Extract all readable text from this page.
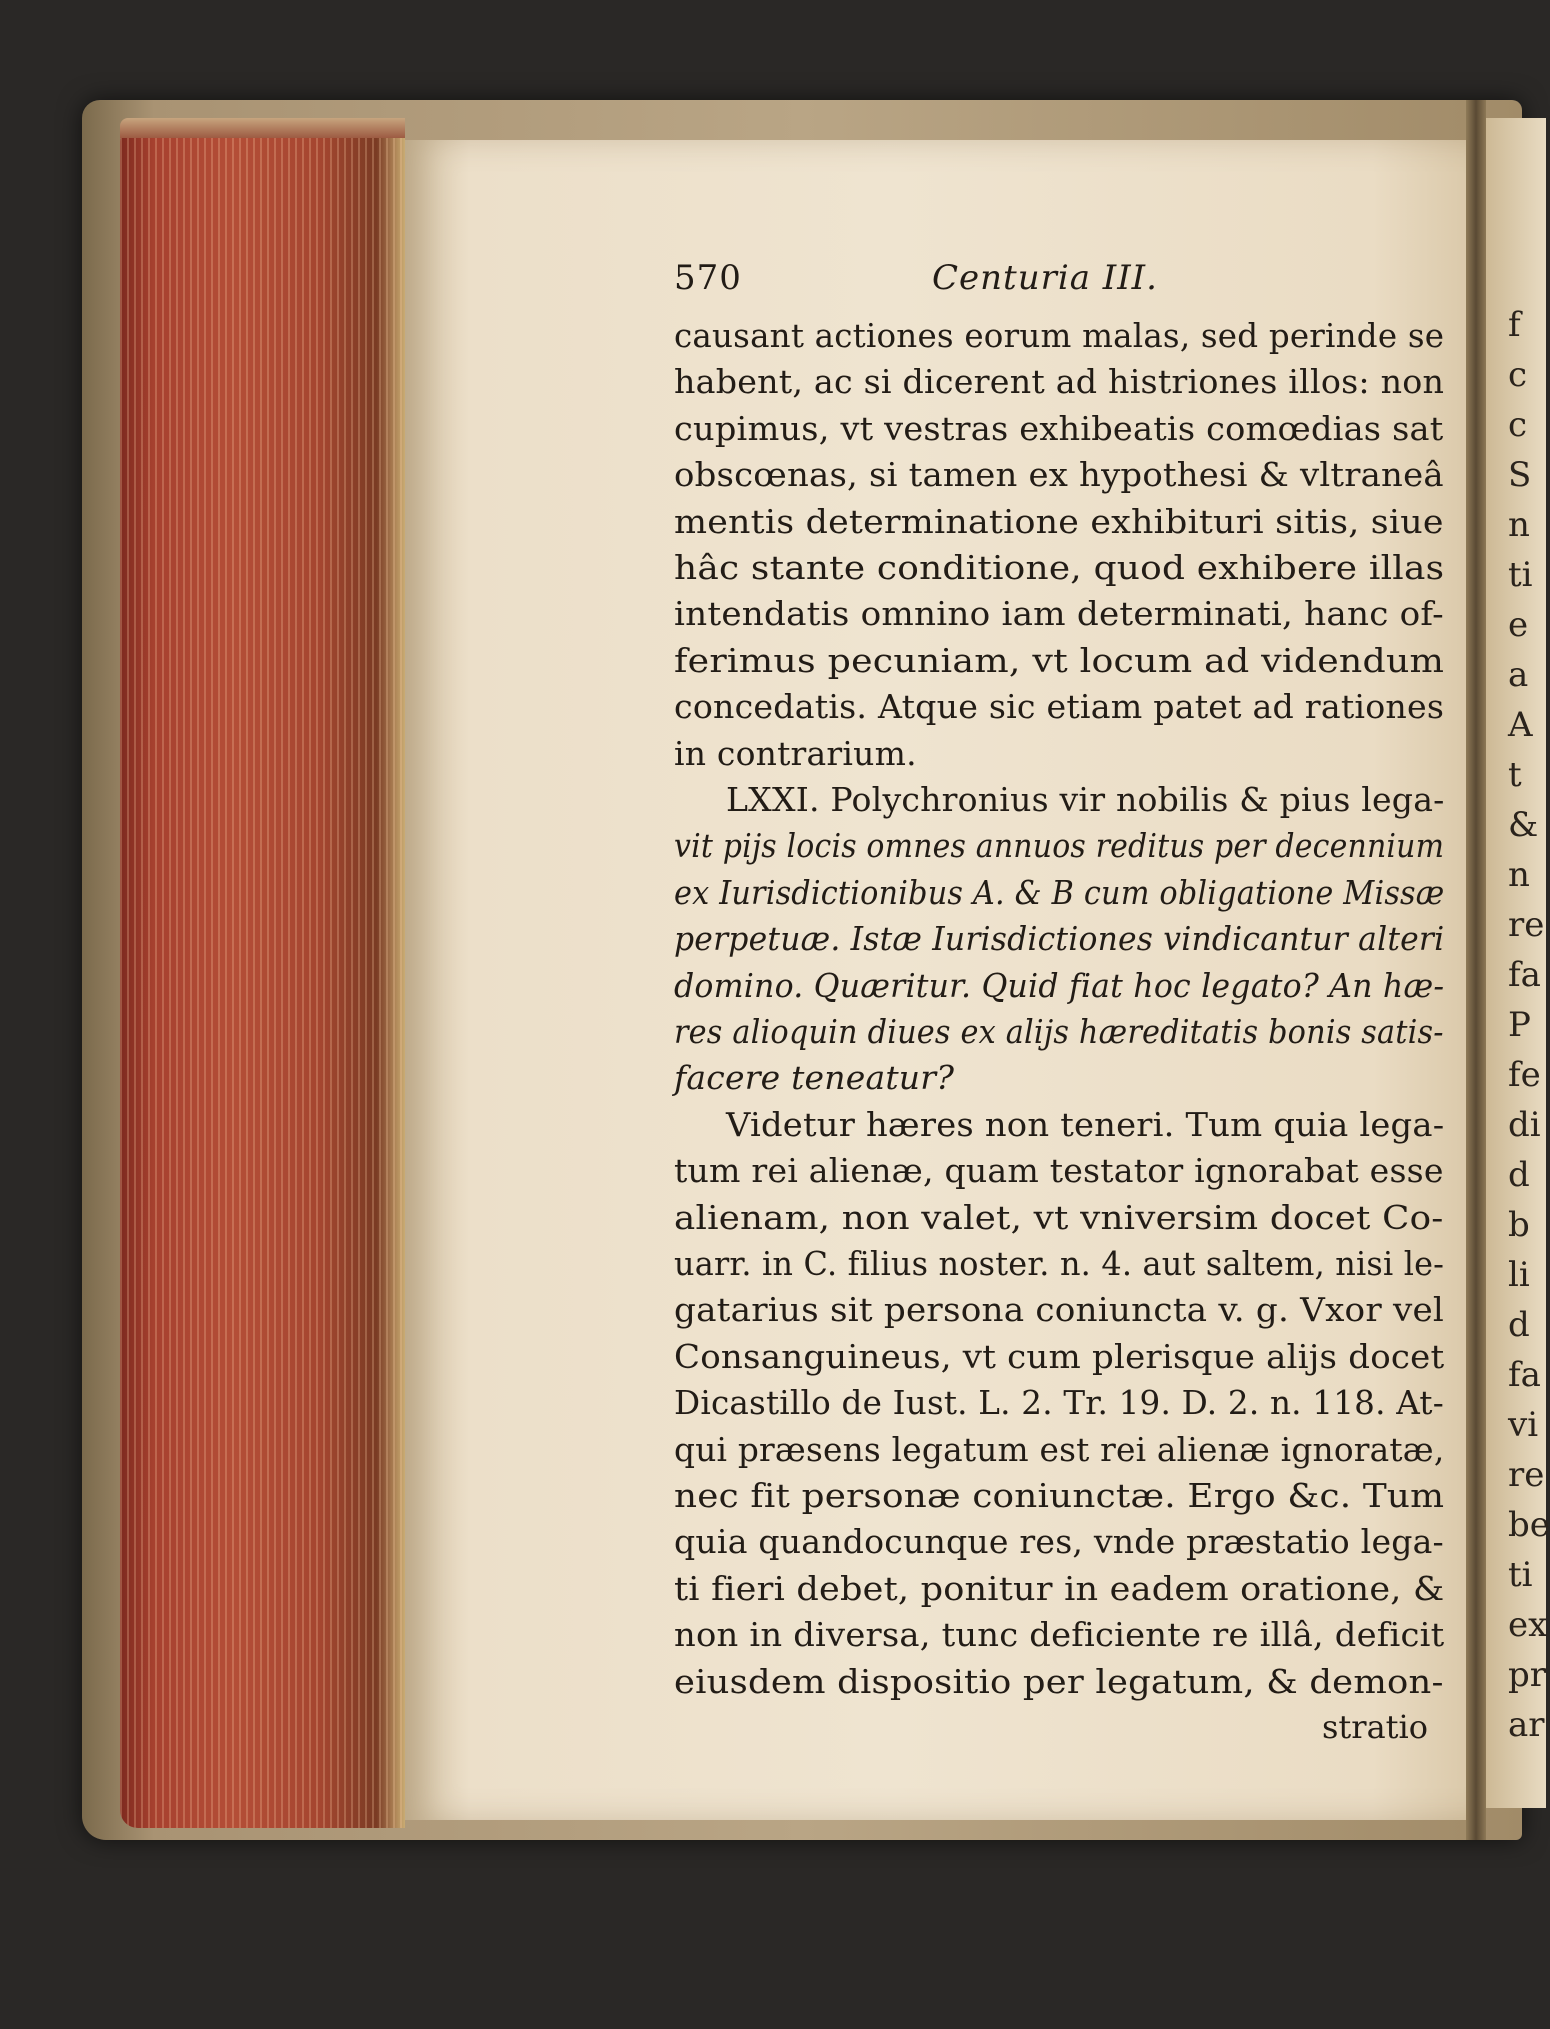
f
c
c
S
n
ti
e
a
A
t
&
n
re
fa
P
fe
di
d
b
li
d
fa
vi
re
be
ti
ex
pr
ar
570	Centuria III.
causant actiones eorum malas, sed perinde se
habent, ac si dicerent ad histriones illos: non
cupimus, vt vestras exhibeatis comœdias sat
obscœnas, si tamen ex hypothesi & vltraneâ
mentis determinatione exhibituri sitis, siue
hâc stante conditione, quod exhibere illas
intendatis omnino iam determinati, hanc of-
ferimus pecuniam, vt locum ad videndum
concedatis. Atque sic etiam patet ad rationes
in contrarium.
LXXI. Polychronius vir nobilis & pius lega-
vit pijs locis omnes annuos reditus per decennium
ex Iurisdictionibus A. & B cum obligatione Missæ
perpetuæ. Istæ Iurisdictiones vindicantur alteri
domino. Quæritur. Quid fiat hoc legato? An hæ-
res alioquin diues ex alijs hæreditatis bonis satis-
facere teneatur?
Videtur hæres non teneri. Tum quia lega-
tum rei alienæ, quam testator ignorabat esse
alienam, non valet, vt vniversim docet Co-
uarr. in C. filius noster. n. 4. aut saltem, nisi le-
gatarius sit persona coniuncta v. g. Vxor vel
Consanguineus, vt cum plerisque alijs docet
Dicastillo de Iust. L. 2. Tr. 19. D. 2. n. 118. At-
qui præsens legatum est rei alienæ ignoratæ,
nec fit personæ coniunctæ. Ergo &c. Tum
quia quandocunque res, vnde præstatio lega-
ti fieri debet, ponitur in eadem oratione, &
non in diversa, tunc deficiente re illâ, deficit
eiusdem dispositio per legatum, & demon-
stratio
